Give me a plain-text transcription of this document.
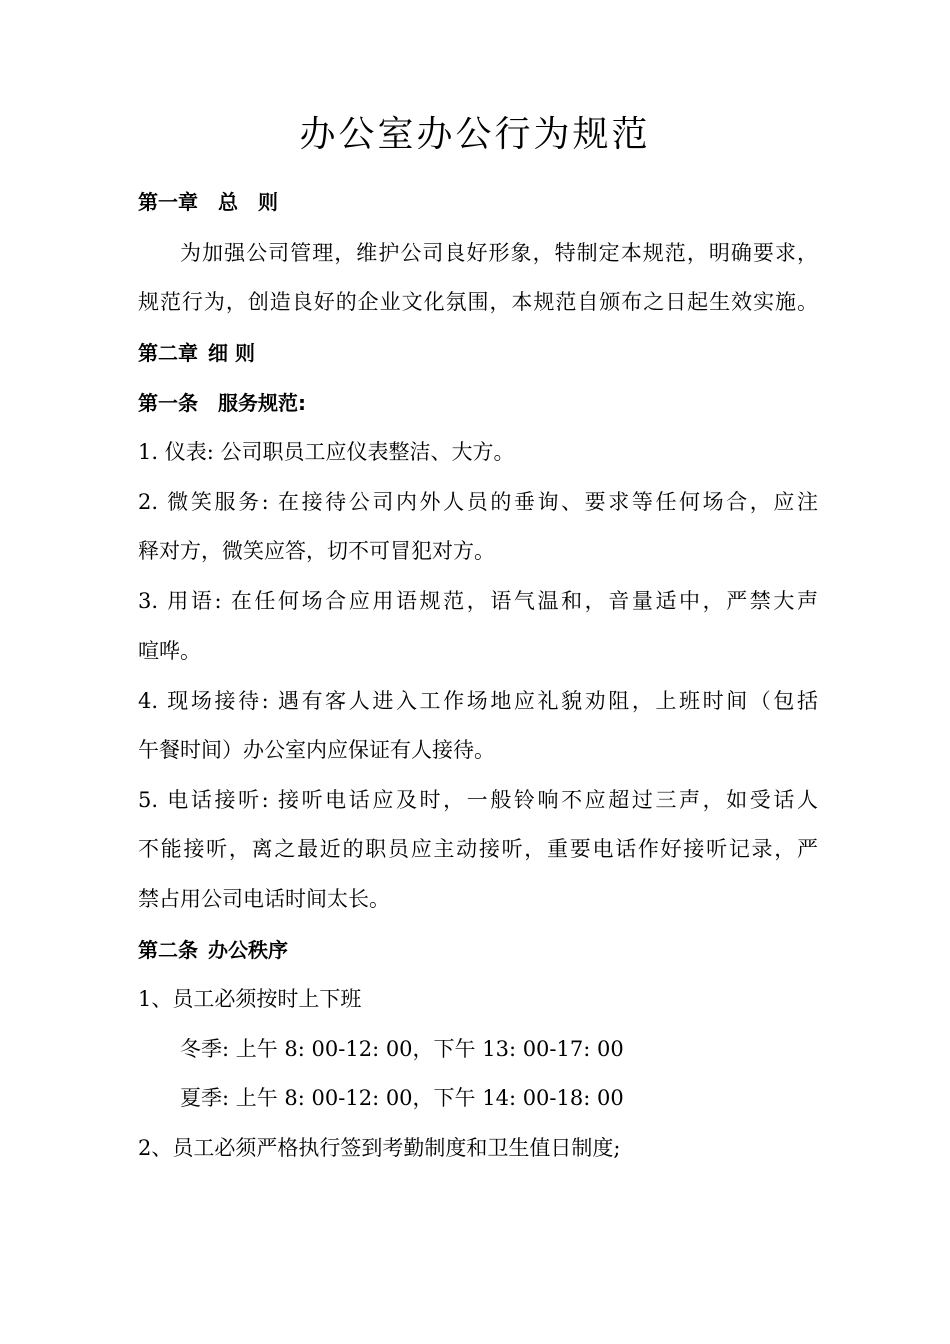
办公室办公行为规范
第一章 总　则
为加强公司管理，维护公司良好形象，特制定本规范，明确要求，
规范行为，创造良好的企业文化氛围，本规范自颁布之日起生效实施。
第二章 细 则
第一条 服务规范:
1. 仪表: 公司职员工应仪表整洁、大方。
2. 微笑服务: 在接待公司内外人员的垂询、要求等任何场合，应注
释对方，微笑应答，切不可冒犯对方。
3. 用语: 在任何场合应用语规范，语气温和，音量适中，严禁大声
喧哗。
4. 现场接待: 遇有客人进入工作场地应礼貌劝阻，上班时间（包括
午餐时间）办公室内应保证有人接待。
5. 电话接听: 接听电话应及时，一般铃响不应超过三声，如受话人
不能接听，离之最近的职员应主动接听，重要电话作好接听记录，严
禁占用公司电话时间太长。
第二条 办公秩序
1、员工必须按时上下班
冬季: 上午 8: 00-12: 00，下午 13: 00-17: 00
夏季: 上午 8: 00-12: 00，下午 14: 00-18: 00
2、员工必须严格执行签到考勤制度和卫生值日制度;
